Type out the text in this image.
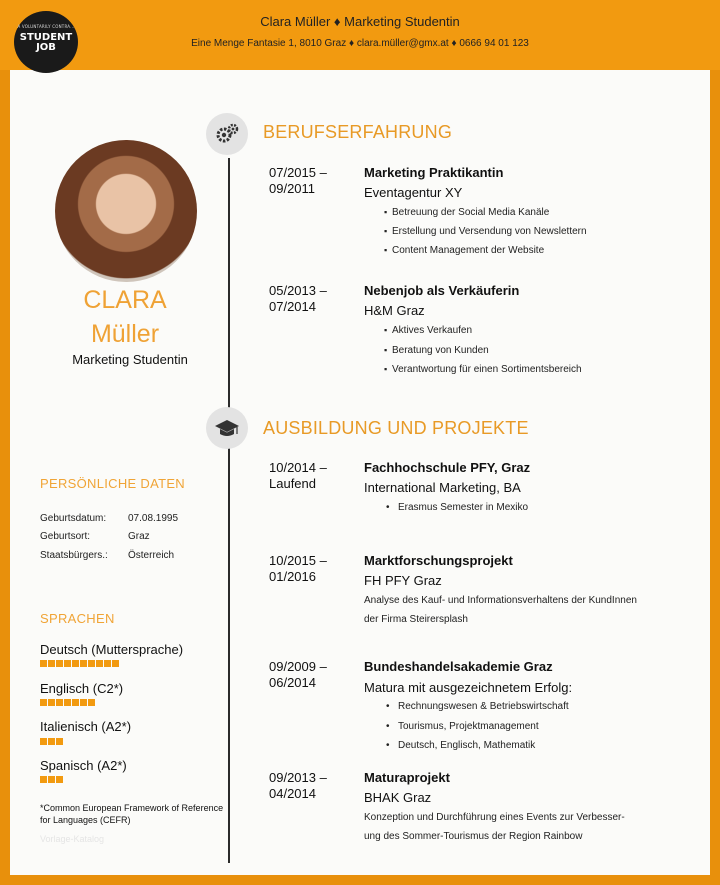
Clara Müller ♦ Marketing Studentin
Eine Menge Fantasie 1, 8010 Graz ♦ clara.müller@gmx.at ♦ 0666 94 01 123
A VOLUNTARILY CONTRA...
STUDENT
JOB
CLARA
Müller
Marketing Studentin
PERSÖNLICHE DATEN
Geburtsdatum: 07.08.1995
Geburtsort:	Graz
Staatsbürgers.: Österreich
SPRACHEN
Deutsch (Muttersprache)
Englisch (C2*)
Italienisch (A2*)
Spanisch (A2*)
*Common European Framework of Reference for Languages (CEFR)
Vorlage-Katalog
BERUFSERFAHRUNG
07/2015 –
09/2011
Marketing Praktikantin
Eventagentur XY
▪ Betreuung der Social Media Kanäle
▪ Erstellung und Versendung von Newslettern
▪ Content Management der Website
05/2013 –
07/2014
Nebenjob als Verkäuferin
H&M Graz
▪ Aktives Verkaufen
▪ Beratung von Kunden
▪ Verantwortung für einen Sortimentsbereich
AUSBILDUNG UND PROJEKTE
10/2014 –
Laufend
Fachhochschule PFY, Graz
International Marketing, BA
• Erasmus Semester in Mexiko
10/2015 –
01/2016
Marktforschungsprojekt
FH PFY Graz
Analyse des Kauf- und Informationsverhaltens der KundInnen
der Firma Steirersplash
09/2009 –
06/2014
Bundeshandelsakademie Graz
Matura mit ausgezeichnetem Erfolg:
• Rechnungswesen & Betriebswirtschaft
• Tourismus, Projektmanagement
• Deutsch, Englisch, Mathematik
09/2013 –
04/2014
Maturaprojekt
BHAK Graz
Konzeption und Durchführung eines Events zur Verbesser-
ung des Sommer-Tourismus der Region Rainbow
